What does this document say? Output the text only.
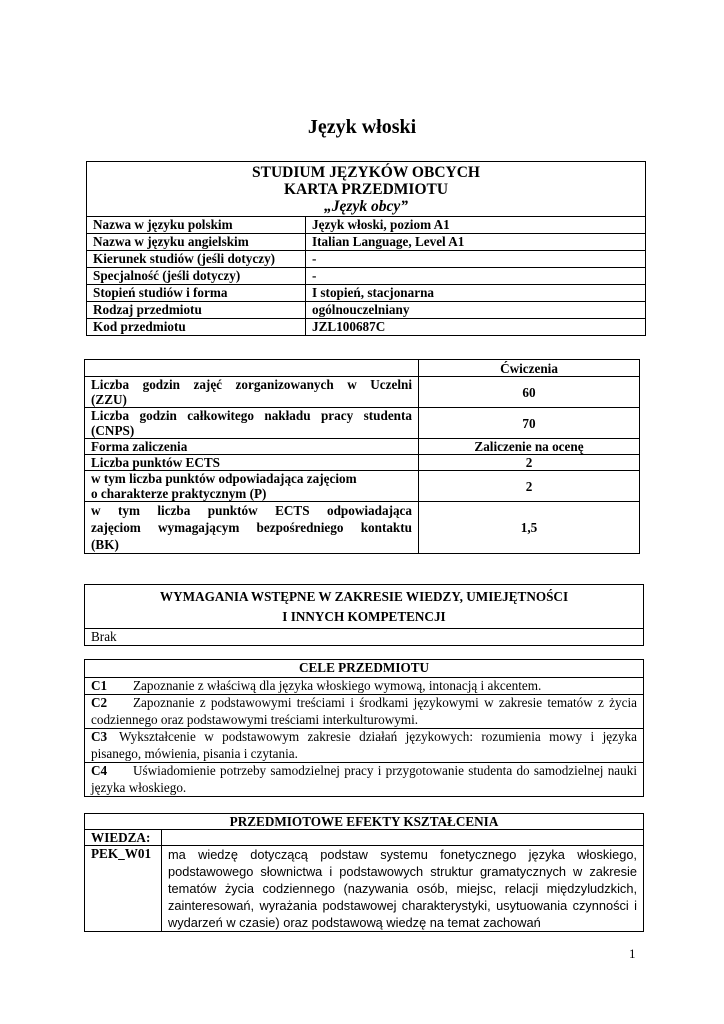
Język włoski
STUDIUM JĘZYKÓW OBCYCH
KARTA PRZEDMIOTU
„Język obcy”	

Nazwa w języku polskim	Język włoski, poziom A1
Nazwa w języku angielskim	Italian Language, Level A1
Kierunek studiów (jeśli dotyczy)	-
Specjalność (jeśli dotyczy)	-
Stopień studiów i forma	I stopień, stacjonarna
Rodzaj przedmiotu	ogólnouczelniany
Kod przedmiotu	JZL100687C
	Ćwiczenia

Liczba godzin zajęć zorganizowanych w Uczelni
(ZZU)	60

Liczba godzin całkowitego nakładu pracy studenta
(CNPS)	70
Forma zaliczenia	Zaliczenie na ocenę
Liczba punktów ECTS	2

w tym liczba punktów odpowiadająca zajęciom
o charakterze praktycznym (P)	2

w tym liczba punktów ECTS odpowiadająca
zajęciom wymagającym bezpośredniego kontaktu
(BK)	1,5
WYMAGANIA WSTĘPNE W ZAKRESIE WIEDZY, UMIEJĘTNOŚCI
I INNYCH KOMPETENCJI

Brak
CELE PRZEDMIOTU
C1 Zapoznanie z właściwą dla języka włoskiego wymową, intonacją i akcentem.
C2 Zapoznanie z podstawowymi treściami i środkami językowymi w zakresie tematów z życia codziennego oraz podstawowymi treściami interkulturowymi.
C3 Wykształcenie w podstawowym zakresie działań językowych: rozumienia mowy i języka pisanego, mówienia, pisania i czytania.
C4 Uświadomienie potrzeby samodzielnej pracy i przygotowanie studenta do samodzielnej nauki języka włoskiego.
PRZEDMIOTOWE EFEKTY KSZTAŁCENIA	
WIEDZA:	
PEK_W01	ma wiedzę dotyczącą podstaw systemu fonetycznego języka włoskiego, podstawowego słownictwa i podstawowych struktur gramatycznych w zakresie tematów życia codziennego (nazywania osób, miejsc, relacji międzyludzkich, zainteresowań, wyrażania podstawowej charakterystyki, usytuowania czynności i wydarzeń w czasie) oraz podstawową wiedzę na temat zachowań
1
